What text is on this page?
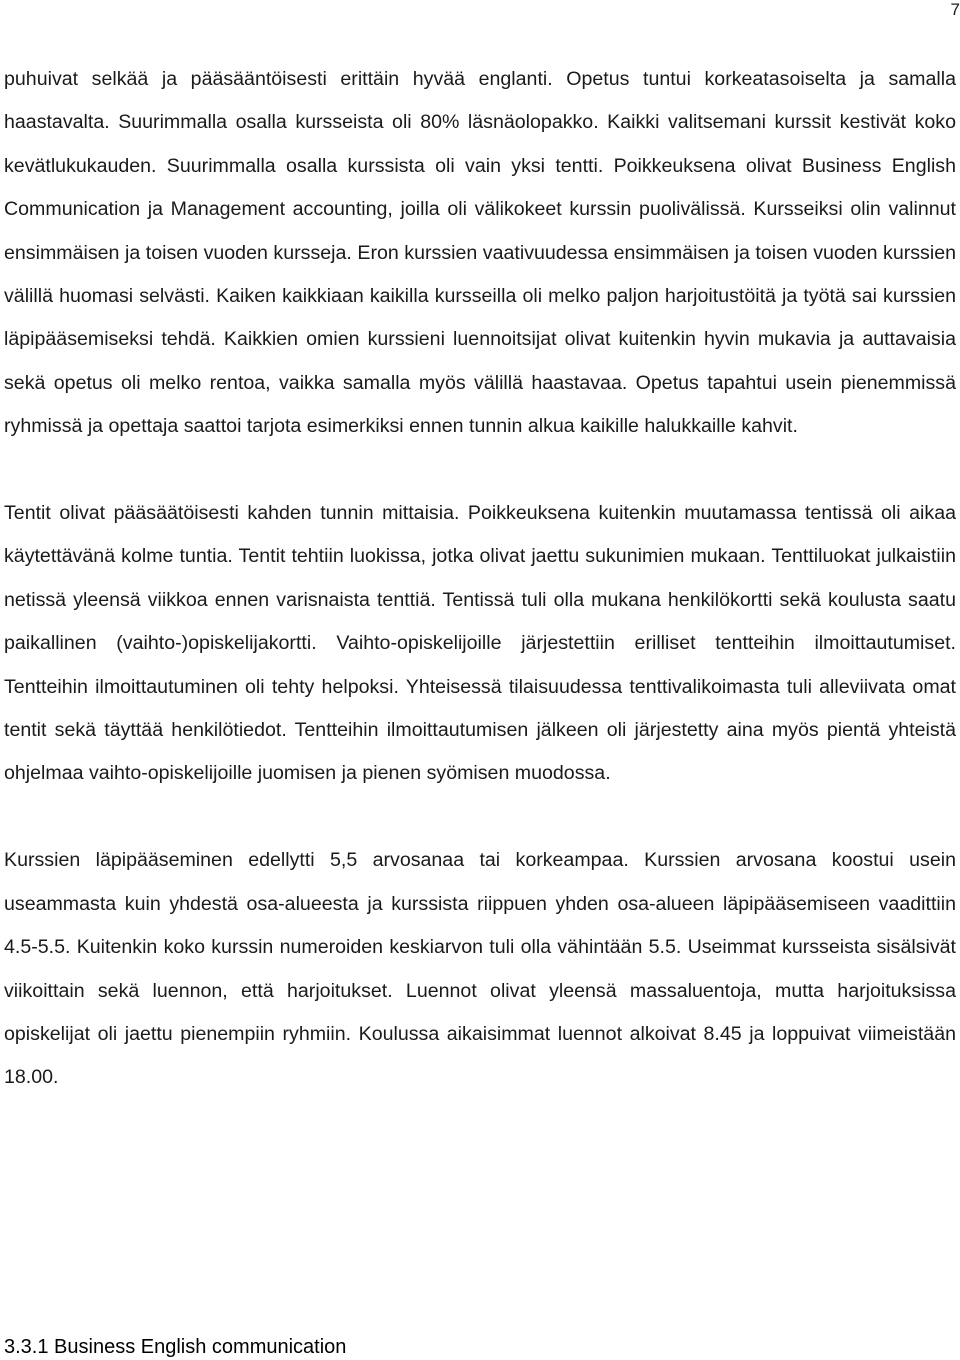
7

puhuivat selkää ja pääsääntöisesti erittäin hyvää englanti. Opetus tuntui korkeatasoiselta ja samalla haastavalta. Suurimmalla osalla kursseista oli 80% läsnäolopakko. Kaikki valitsemani kurssit kestivät koko kevätlukukauden. Suurimmalla osalla kurssista oli vain yksi tentti. Poikkeuksena olivat Business English Communication ja Management accounting, joilla oli välikokeet kurssin puolivälissä. Kursseiksi olin valinnut ensimmäisen ja toisen vuoden kursseja. Eron kurssien vaativuudessa ensimmäisen ja toisen vuoden kurssien välillä huomasi selvästi. Kaiken kaikkiaan kaikilla kursseilla oli melko paljon harjoitustöitä ja työtä sai kurssien läpipääsemiseksi tehdä. Kaikkien omien kurssieni luennoitsijat olivat kuitenkin hyvin mukavia ja auttavaisia sekä opetus oli melko rentoa, vaikka samalla myös välillä haastavaa. Opetus tapahtui usein pienemmissä ryhmissä ja opettaja saattoi tarjota esimerkiksi ennen tunnin alkua kaikille halukkaille kahvit.

Tentit olivat pääsäätöisesti kahden tunnin mittaisia. Poikkeuksena kuitenkin muutamassa tentissä oli aikaa käytettävänä kolme tuntia. Tentit tehtiin luokissa, jotka olivat jaettu sukunimien mukaan. Tenttiluokat julkaistiin netissä yleensä viikkoa ennen varisnaista tenttiä. Tentissä tuli olla mukana henkilökortti sekä koulusta saatu paikallinen (vaihto-)opiskelijakortti. Vaihto-opiskelijoille järjestettiin erilliset tentteihin ilmoittautumiset. Tentteihin ilmoittautuminen oli tehty helpoksi. Yhteisessä tilaisuudessa tenttivalikoimasta tuli alleviivata omat tentit sekä täyttää henkilötiedot. Tentteihin ilmoittautumisen jälkeen oli järjestetty aina myös pientä yhteistä ohjelmaa vaihto-opiskelijoille juomisen ja pienen syömisen muodossa.

Kurssien läpipääseminen edellytti 5,5 arvosanaa tai korkeampaa. Kurssien arvosana koostui usein useammasta kuin yhdestä osa-alueesta ja kurssista riippuen yhden osa-alueen läpipääsemiseen vaadittiin 4.5-5.5. Kuitenkin koko kurssin numeroiden keskiarvon tuli olla vähintään 5.5. Useimmat kursseista sisälsivät viikoittain sekä luennon, että harjoitukset. Luennot olivat yleensä massaluentoja, mutta harjoituksissa opiskelijat oli jaettu pienempiin ryhmiin. Koulussa aikaisimmat luennot alkoivat 8.45 ja loppuivat viimeistään 18.00.

3.3.1 Business English communication
